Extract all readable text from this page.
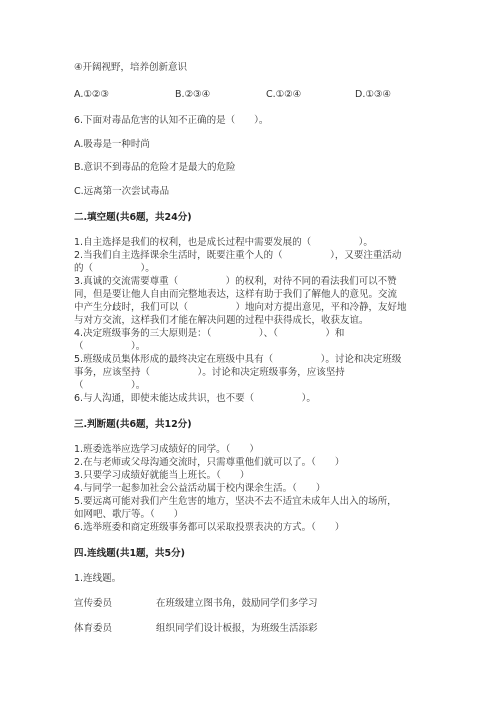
④开阔视野，培养创新意识
A.①②③	B.②③④	C.①②④	D.①③④
6.下面对毒品危害的认知不正确的是（　　）。
A.吸毒是一种时尚
B.意识不到毒品的危险才是最大的危险
C.远离第一次尝试毒品
二.填空题(共6题，共24分)
1.自主选择是我们的权利，也是成长过程中需要发展的（　　　　　）。
2.当我们自主选择课余生活时，既要注重个人的（　　　　　），又要注重活动
的（　　　　　）。
3.真诚的交流需要尊重（　　　　　）的权利，对待不同的看法我们可以不赞
同，但是要让他人自由而完整地表达，这样有助于我们了解他人的意见。交流
中产生分歧时，我们可以（　　　　　）地向对方提出意见，平和冷静，友好地
与对方交流，这样我们才能在解决问题的过程中获得成长，收获友谊。
4.决定班级事务的三大原则是：（　　　　　）、（　　　　　）和
（　　　　　）。
5.班级成员集体形成的最终决定在班级中具有（　　　　　）。讨论和决定班级
事务，应该坚持（　　　　　）。讨论和决定班级事务，应该坚持
（　　　　　）。
6.与人沟通，即使未能达成共识，也不要（　　　　　）。
三.判断题(共6题，共12分)
1.班委选举应选学习成绩好的同学。（　　）
2.在与老师或父母沟通交流时，只需尊重他们就可以了。（　　）
3.只要学习成绩好就能当上班长。（　　）
4.与同学一起参加社会公益活动属于校内课余生活。（　　）
5.要远离可能对我们产生危害的地方，坚决不去不适宜未成年人出入的场所，
如网吧、歌厅等。（　　）
6.选举班委和商定班级事务都可以采取投票表决的方式。（　　）
四.连线题(共1题，共5分)
1.连线题。
宣传委员	在班级建立图书角，鼓励同学们多学习
体育委员	组织同学们设计板报，为班级生活添彩
